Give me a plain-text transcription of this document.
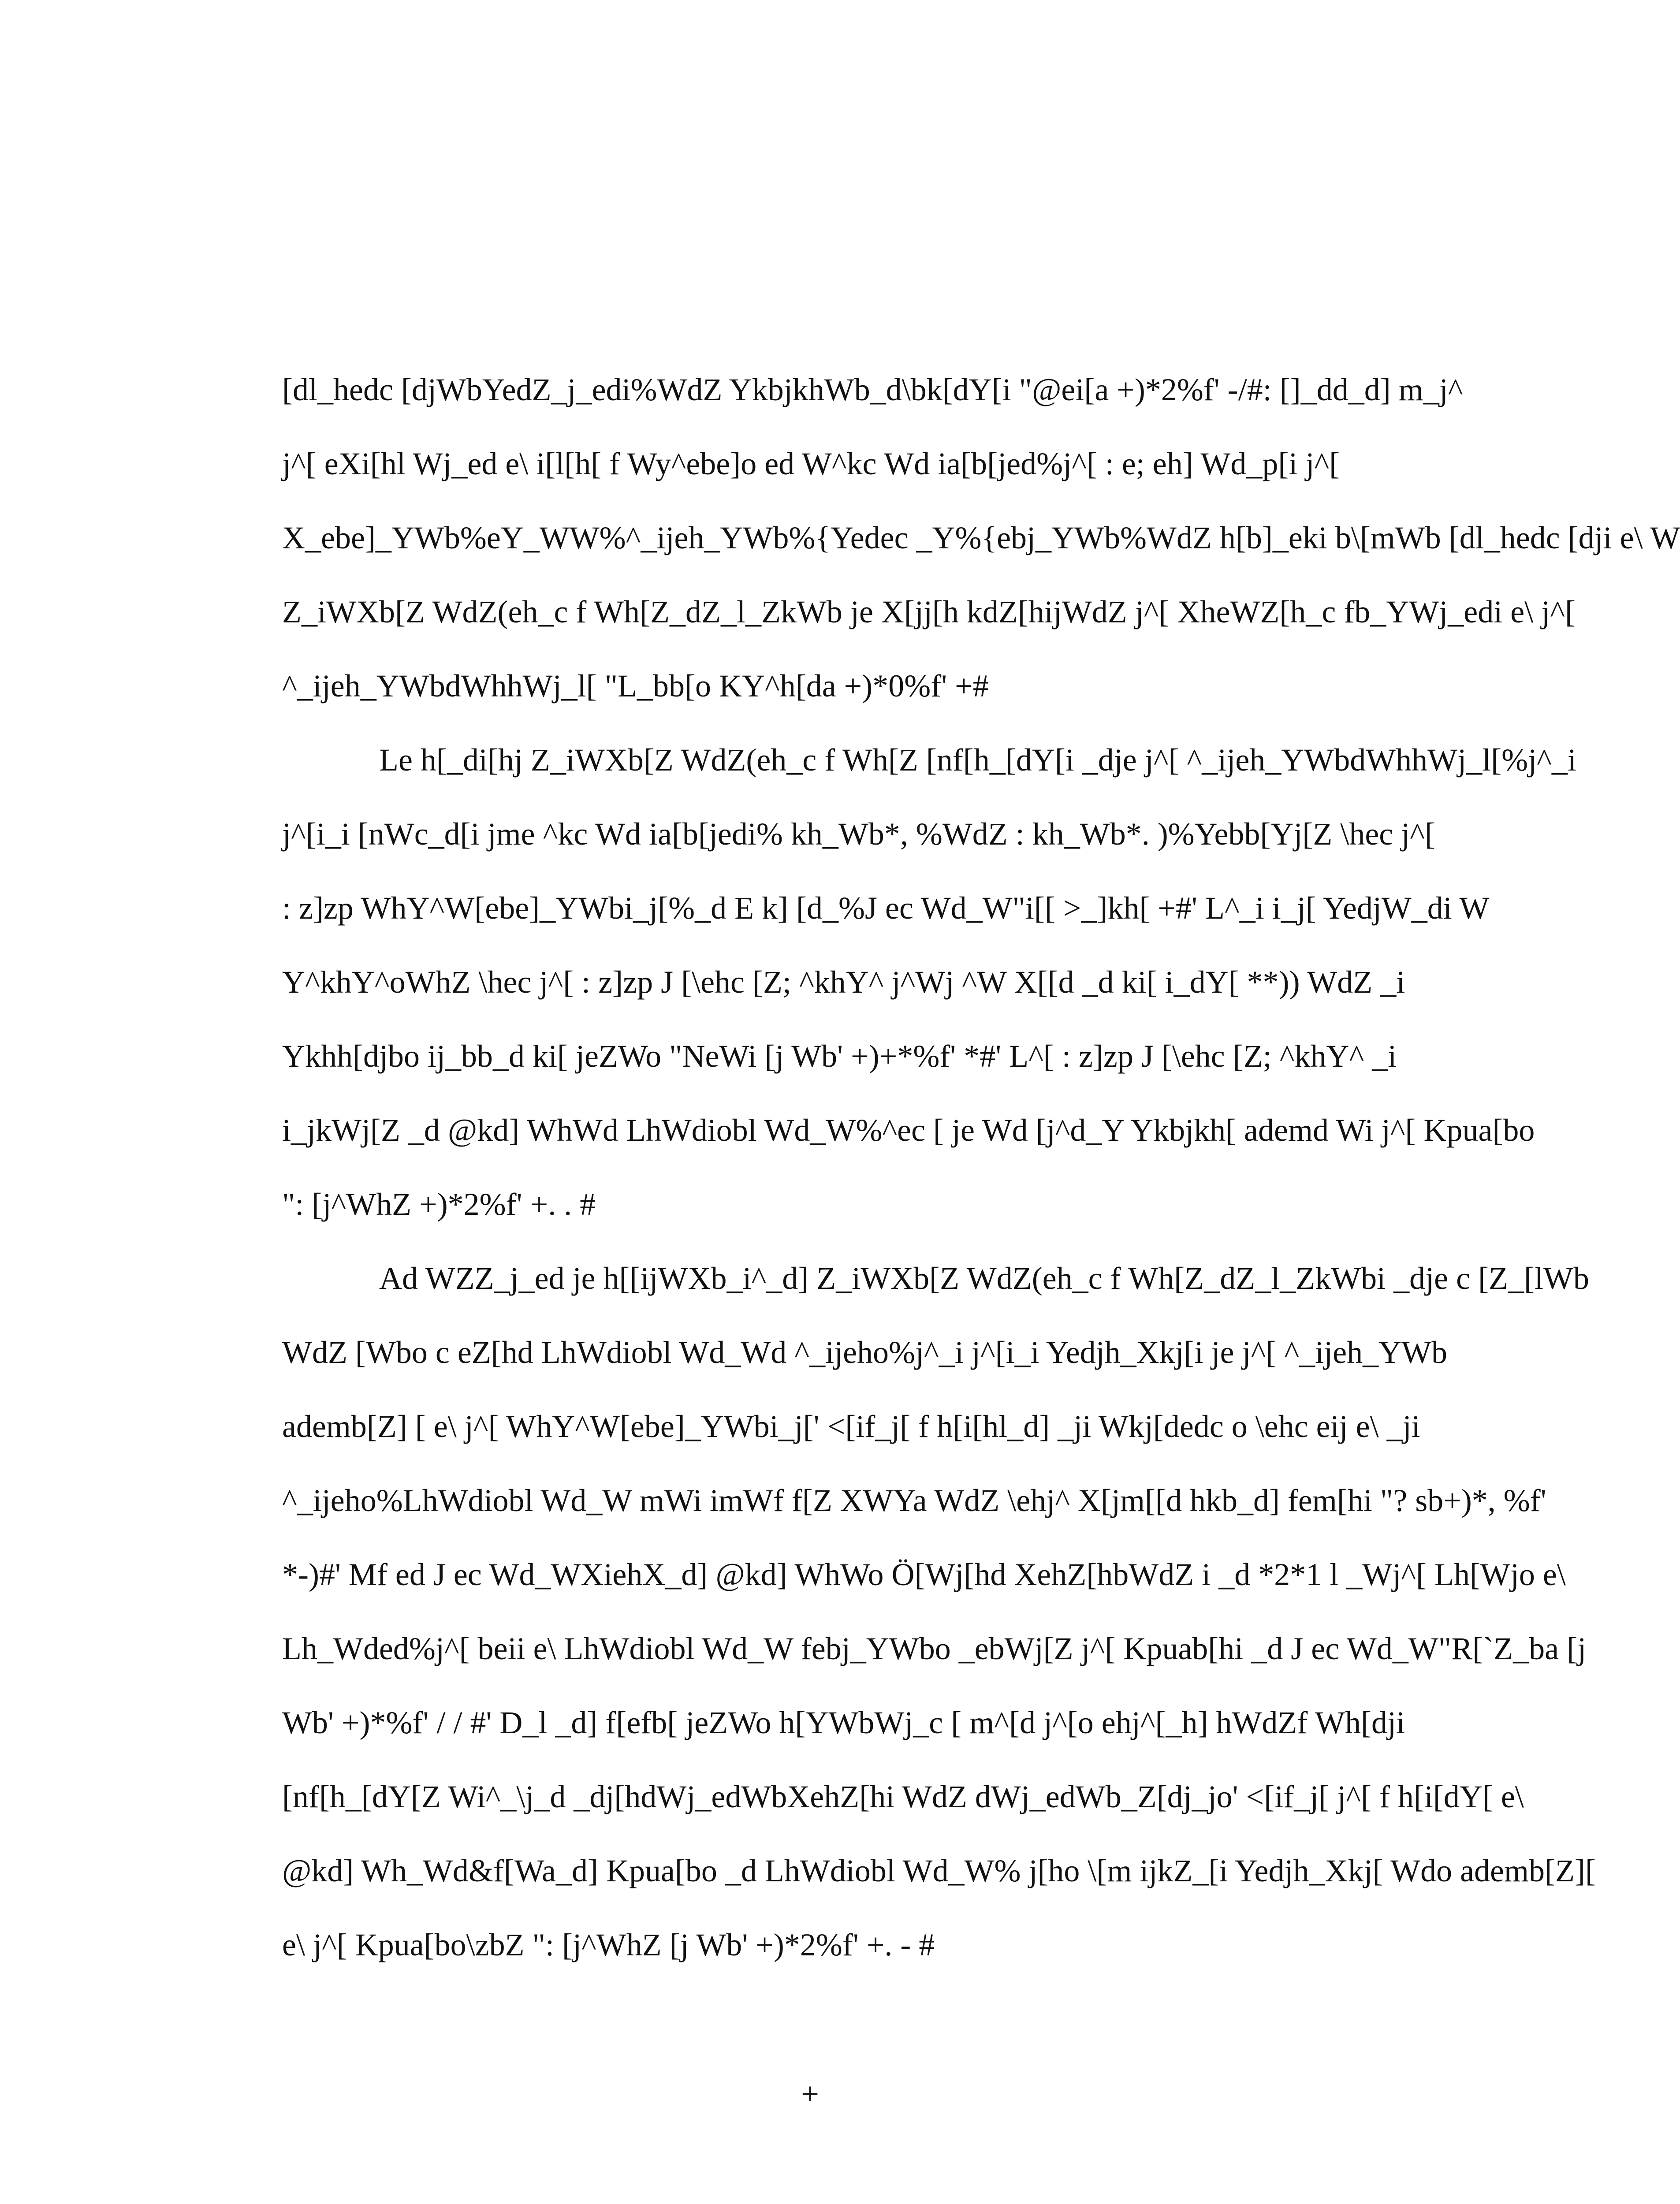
[dl_hedc [djWbYedZ_j_edi%WdZ YkbjkhWb_d\bk[dY[i "@ei[a +)*2%f' -/#: []_dd_d] m_j^
j^[ eXi[hl Wj_ed e\ i[l[h[ f Wy^ebe]o ed W^kc Wd ia[b[jed%j^[ : e; eh] Wd_p[i j^[
X_ebe]_YWb%eY_WW%^_ijeh_YWb%{Yedec _Y%{ebj_YWb%WdZ h[b]_eki b\[mWb [dl_hedc [dji e\ W
Z_iWXb[Z WdZ(eh_c f Wh[Z_dZ_l_ZkWb je X[jj[h kdZ[hijWdZ j^[ XheWZ[h_c fb_YWj_edi e\ j^[
^_ijeh_YWbdWhhWj_l[ "L_bb[o KY^h[da +)*0%f' +#
Le h[_di[hj Z_iWXb[Z WdZ(eh_c f Wh[Z [nf[h_[dY[i _dje j^[ ^_ijeh_YWbdWhhWj_l[%j^_i
j^[i_i [nWc_d[i jme ^kc Wd ia[b[jedi% kh_Wb*, %WdZ : kh_Wb*. )%Yebb[Yj[Z \hec j^[
: z]zp WhY^W[ebe]_YWbi_j[%_d E k] [d_%J ec Wd_W"i[[ >_]kh[ +#' L^_i i_j[ YedjW_di W
Y^khY^oWhZ \hec j^[ : z]zp J [\ehc [Z; ^khY^ j^Wj ^W X[[d _d ki[ i_dY[ **)) WdZ _i
Ykhh[djbo ij_bb_d ki[ jeZWo "NeWi [j Wb' +)+*%f' *#' L^[ : z]zp J [\ehc [Z; ^khY^ _i
i_jkWj[Z _d @kd] WhWd LhWdiobl Wd_W%^ec [ je Wd [j^d_Y Ykbjkh[ ademd Wi j^[ Kpua[bo
": [j^WhZ +)*2%f' +. . #
Ad WZZ_j_ed je h[[ijWXb_i^_d] Z_iWXb[Z WdZ(eh_c f Wh[Z_dZ_l_ZkWbi _dje c [Z_[lWb
WdZ [Wbo c eZ[hd LhWdiobl Wd_Wd ^_ijeho%j^_i j^[i_i Yedjh_Xkj[i je j^[ ^_ijeh_YWb
ademb[Z] [ e\ j^[ WhY^W[ebe]_YWbi_j[' <[if_j[ f h[i[hl_d] _ji Wkj[dedc o \ehc eij e\ _ji
^_ijeho%LhWdiobl Wd_W mWi imWf f[Z XWYa WdZ \ehj^ X[jm[[d hkb_d] fem[hi "? sb+)*, %f'
*-)#' Mf ed J ec Wd_WXiehX_d] @kd] WhWo Ö[Wj[hd XehZ[hbWdZ i _d *2*1 l _Wj^[ Lh[Wjo e\
Lh_Wded%j^[ beii e\ LhWdiobl Wd_W febj_YWbo _ebWj[Z j^[ Kpuab[hi _d J ec Wd_W"R[`Z_ba [j
Wb' +)*%f' / / #' D_l _d] f[efb[ jeZWo h[YWbWj_c [ m^[d j^[o ehj^[_h] hWdZf Wh[dji
[nf[h_[dY[Z Wi^_\j_d _dj[hdWj_edWbXehZ[hi WdZ dWj_edWb_Z[dj_jo' <[if_j[ j^[ f h[i[dY[ e\
@kd] Wh_Wd&f[Wa_d] Kpua[bo _d LhWdiobl Wd_W% j[ho \[m ijkZ_[i Yedjh_Xkj[ Wdo ademb[Z][
e\ j^[ Kpua[bo\zbZ ": [j^WhZ [j Wb' +)*2%f' +. - #
+
